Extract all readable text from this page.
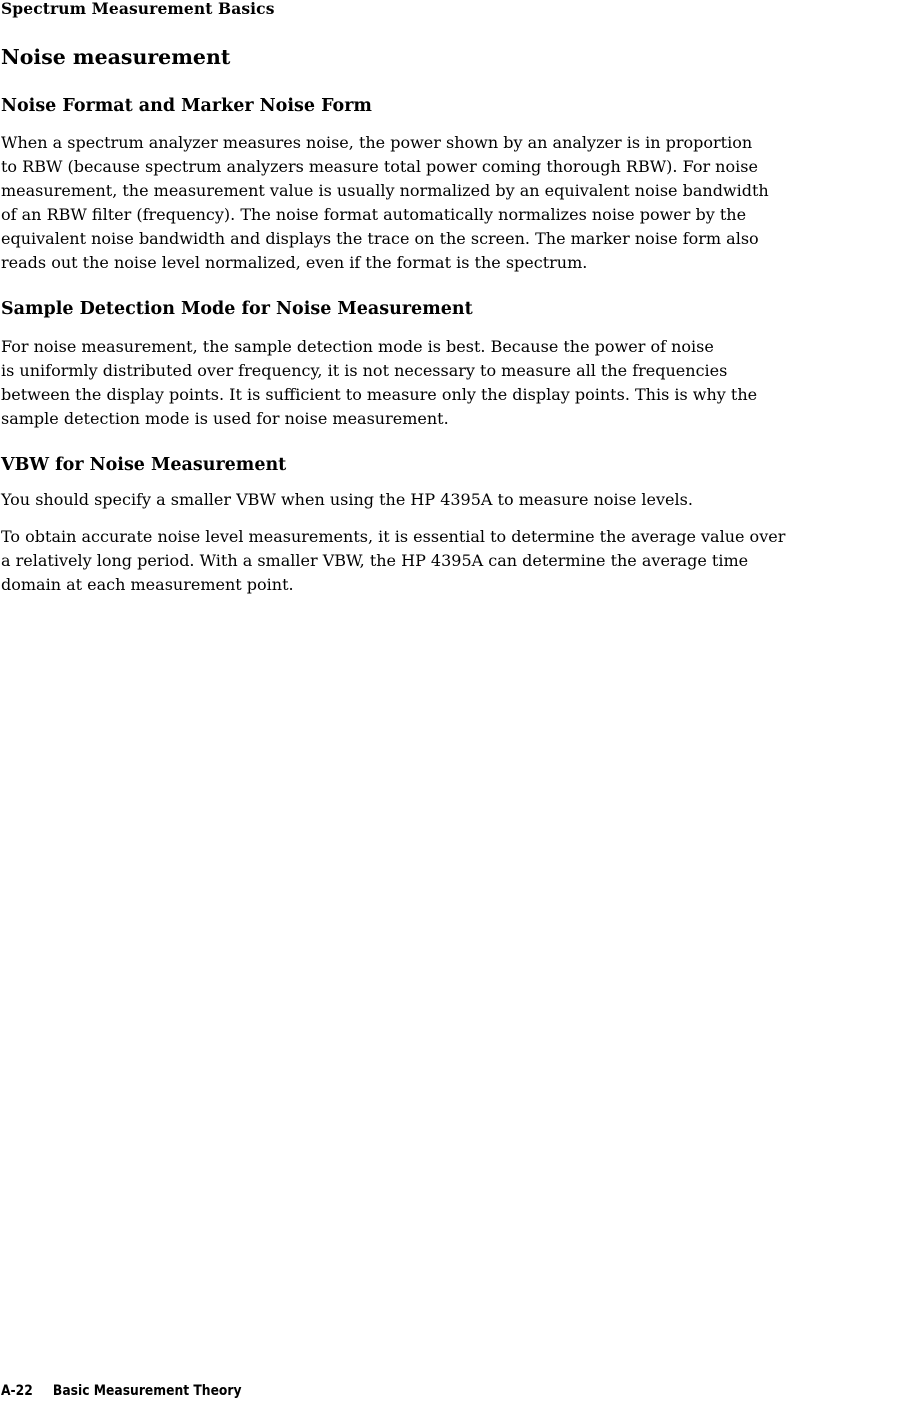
Spectrum Measurement Basics
Noise measurement
Noise Format and Marker Noise Form
When a spectrum analyzer measures noise, the power shown by an analyzer is in proportion
to RBW (because spectrum analyzers measure total power coming thorough RBW). For noise
measurement, the measurement value is usually normalized by an equivalent noise bandwidth
of an RBW filter (frequency). The noise format automatically normalizes noise power by the
equivalent noise bandwidth and displays the trace on the screen. The marker noise form also
reads out the noise level normalized, even if the format is the spectrum.
Sample Detection Mode for Noise Measurement
For noise measurement, the sample detection mode is best. Because the power of noise
is uniformly distributed over frequency, it is not necessary to measure all the frequencies
between the display points. It is sufficient to measure only the display points. This is why the
sample detection mode is used for noise measurement.
VBW for Noise Measurement
You should specify a smaller VBW when using the HP 4395A to measure noise levels.
To obtain accurate noise level measurements, it is essential to determine the average value over
a relatively long period. With a smaller VBW, the HP 4395A can determine the average time
domain at each measurement point.
A-22 Basic Measurement Theory
